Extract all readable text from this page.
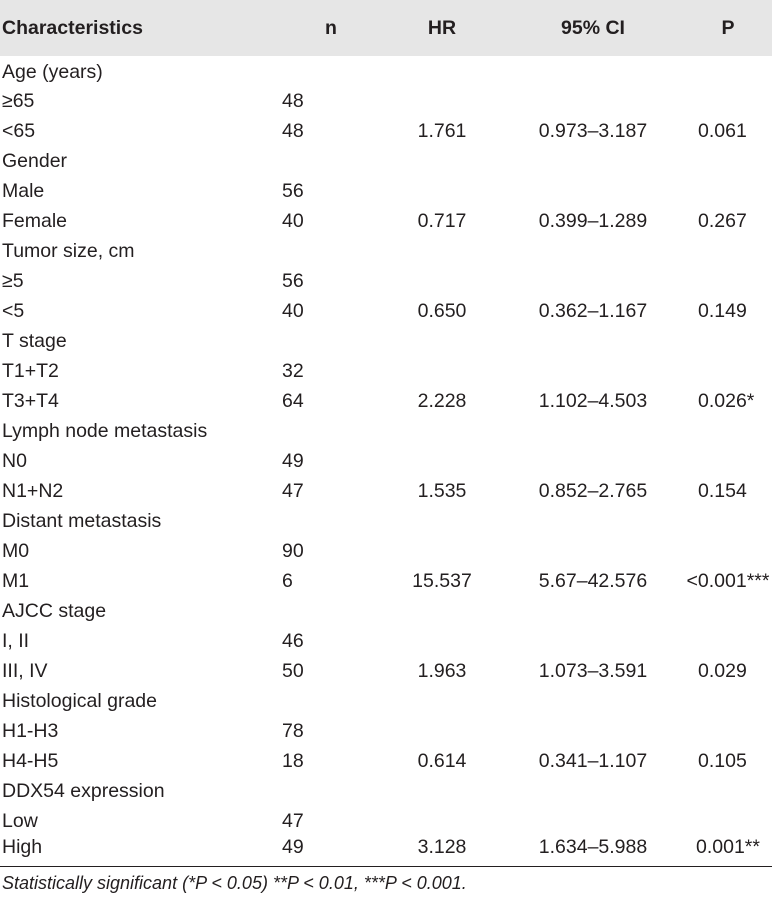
Characteristics	n	HR	95% CI	P
Age (years)				
≥65	48			
<65	48	1.761	0.973–3.187	0.061
Gender				
Male	56			
Female	40	0.717	0.399–1.289	0.267
Tumor size, cm				
≥5	56			
<5	40	0.650	0.362–1.167	0.149
T stage				
T1+T2	32			
T3+T4	64	2.228	1.102–4.503	0.026*
Lymph node metastasis				
N0	49			
N1+N2	47	1.535	0.852–2.765	0.154
Distant metastasis				
M0	90			
M1	6	15.537	5.67–42.576	<0.001***
AJCC stage				
I, II	46			
III, IV	50	1.963	1.073–3.591	0.029
Histological grade				
H1-H3	78			
H4-H5	18	0.614	0.341–1.107	0.105
DDX54 expression				
Low	47			
High	49	3.128	1.634–5.988	0.001**
Statistically significant (*P < 0.05) **P < 0.01, ***P < 0.001.
